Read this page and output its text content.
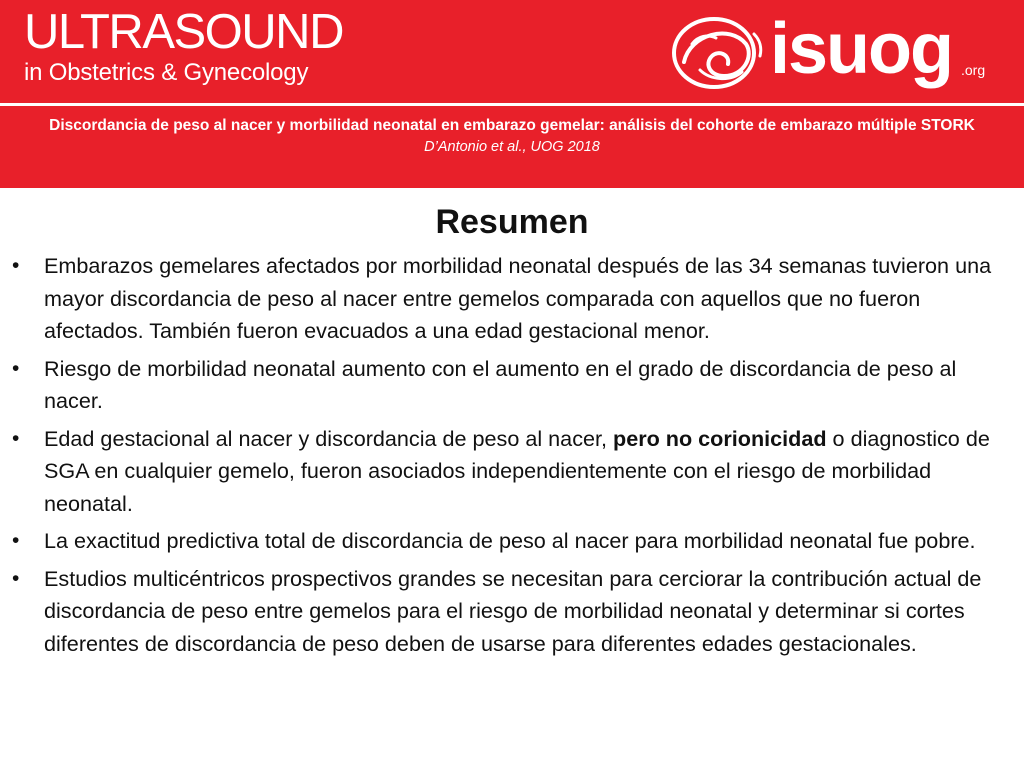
ULTRASOUND
in Obstetrics & Gynecology	isuog .org
Discordancia de peso al nacer y morbilidad neonatal en embarazo gemelar: análisis del cohorte de embarazo múltiple STORK
D’Antonio et al., UOG 2018
Resumen
• Embarazos gemelares afectados por morbilidad neonatal después de las 34 semanas tuvieron una mayor discordancia de peso al nacer entre gemelos comparada con aquellos que no fueron afectados. También fueron evacuados a una edad gestacional menor.
• Riesgo de morbilidad neonatal aumento con el aumento en el grado de discordancia de peso al nacer.
• Edad gestacional al nacer y discordancia de peso al nacer, pero no corionicidad o diagnostico de SGA en cualquier gemelo, fueron asociados independientemente con el riesgo de morbilidad neonatal.
• La exactitud predictiva total de discordancia de peso al nacer para morbilidad neonatal fue pobre.
• Estudios multicéntricos prospectivos grandes se necesitan para cerciorar la contribución actual de discordancia de peso entre gemelos para el riesgo de morbilidad neonatal y determinar si cortes diferentes de discordancia de peso deben de usarse para diferentes edades gestacionales.
